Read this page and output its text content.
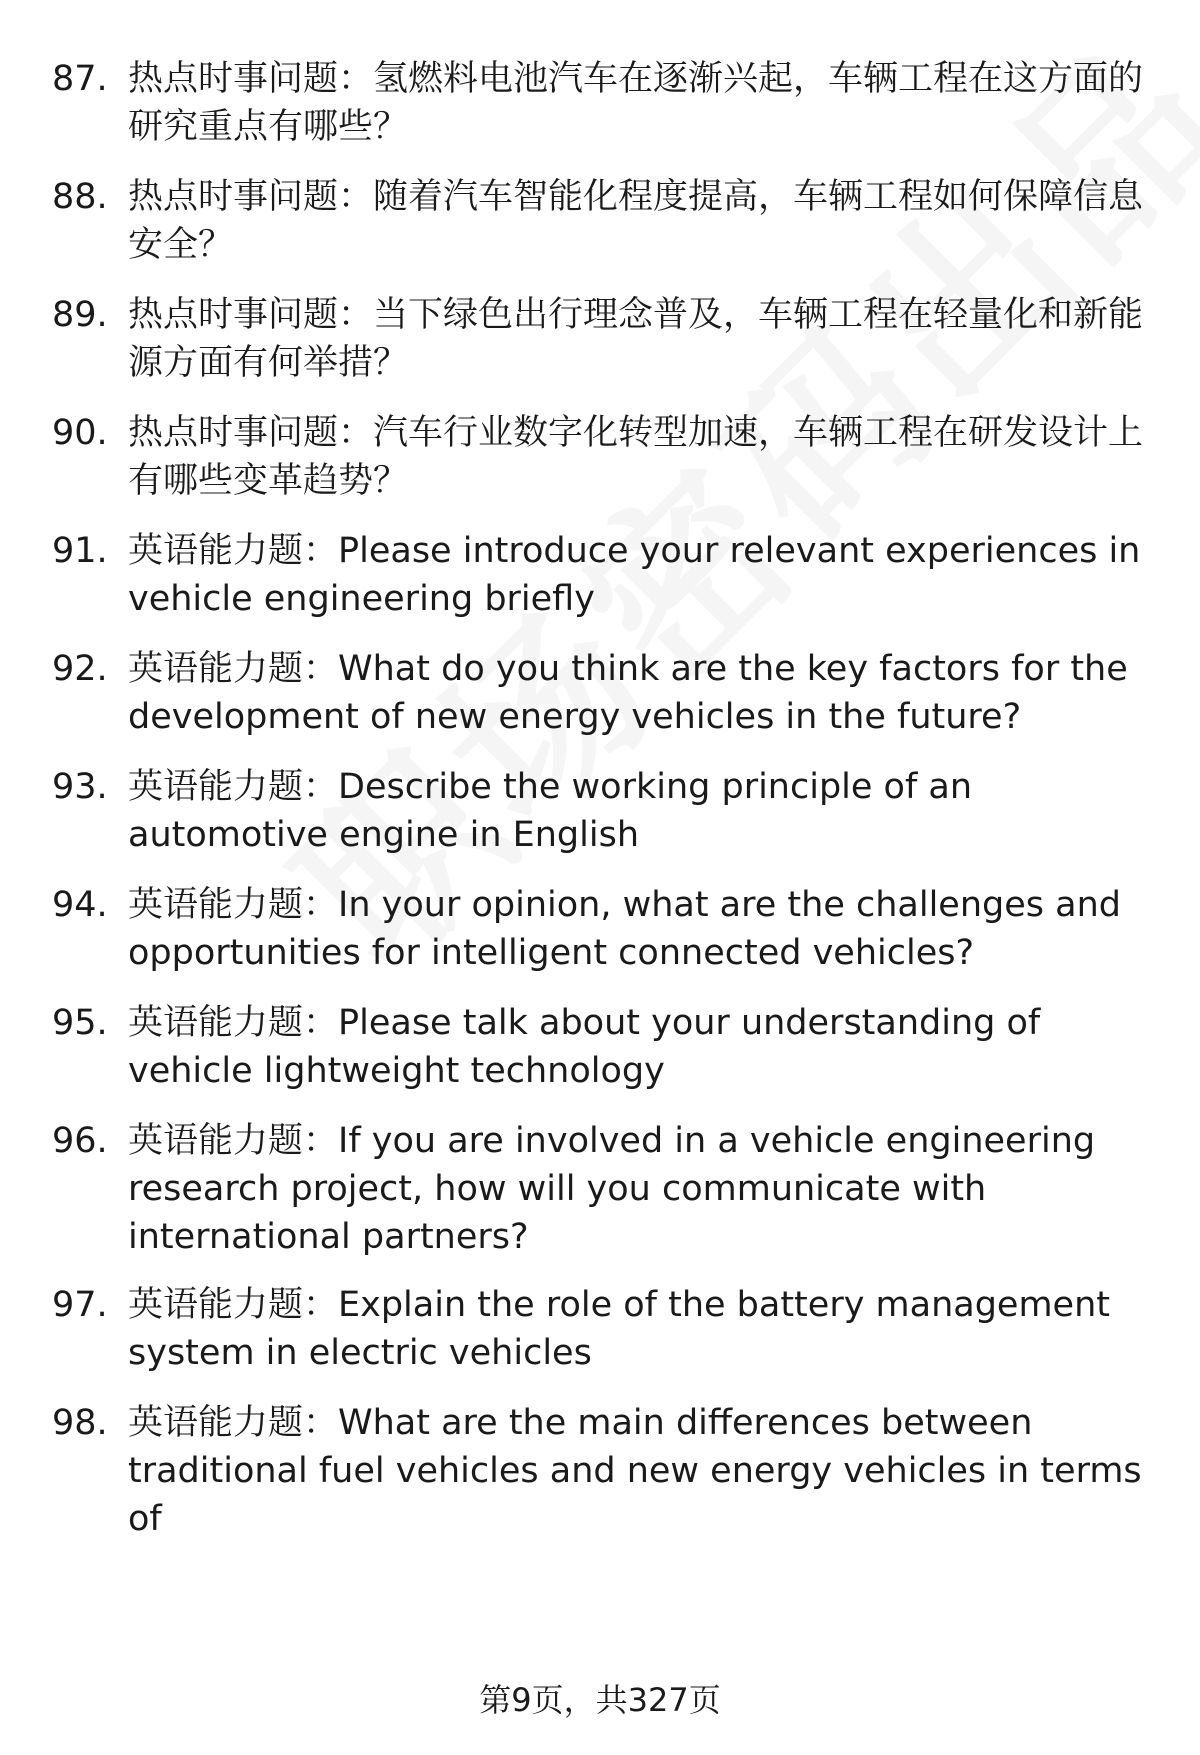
87. 热点时事问题：氢燃料电池汽车在逐渐兴起，车辆工程在这方面的研究重点有哪些？
88. 热点时事问题：随着汽车智能化程度提高，车辆工程如何保障信息安全？
89. 热点时事问题：当下绿色出行理念普及，车辆工程在轻量化和新能源方面有何举措？
90. 热点时事问题：汽车行业数字化转型加速，车辆工程在研发设计上有哪些变革趋势？
91. 英语能力题：Please introduce your relevant experiences in vehicle engineering briefly
92. 英语能力题：What do you think are the key factors for the development of new energy vehicles in the future?
93. 英语能力题：Describe the working principle of an automotive engine in English
94. 英语能力题：In your opinion, what are the challenges and opportunities for intelligent connected vehicles?
95. 英语能力题：Please talk about your understanding of vehicle lightweight technology
96. 英语能力题：If you are involved in a vehicle engineering research project, how will you communicate with international partners?
97. 英语能力题：Explain the role of the battery management system in electric vehicles
98. 英语能力题：What are the main differences between traditional fuel vehicles and new energy vehicles in terms of
第9页，共327页
